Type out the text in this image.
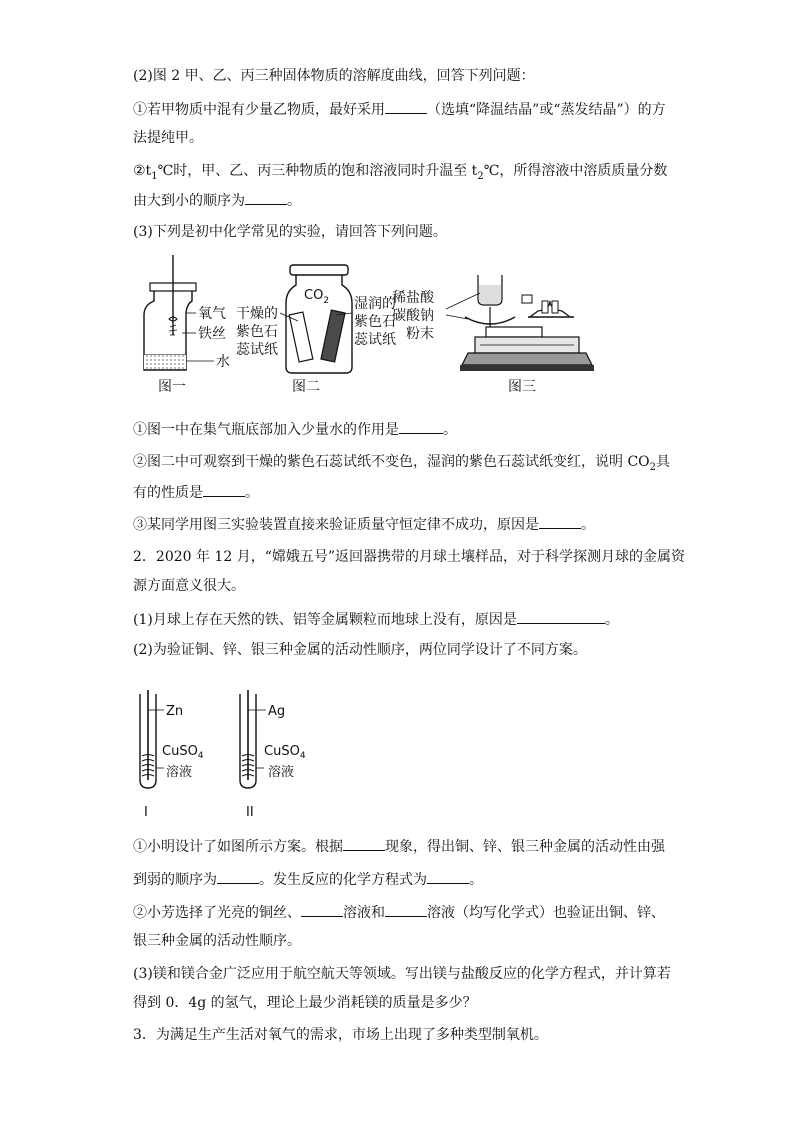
(2)图 2 甲、乙、丙三种固体物质的溶解度曲线，回答下列问题：
①若甲物质中混有少量乙物质，最好采用	（选填“降温结晶”或“蒸发结晶”）的方
法提纯甲。
$②t_1℃$时，甲、乙、丙三种物质的饱和溶液同时升温至 $t_2℃$，所得溶液中溶质质量分数
由大到小的顺序为	。
(3)下列是初中化学常见的实验，请回答下列问题。
氧气
铁丝
水
图一
$CO_2$
干燥的
紫色石
蕊试纸
湿润的
紫色石
蕊试纸
图二
稀盐酸
碳酸钠
粉末
图三
①图一中在集气瓶底部加入少量水的作用是	。
②图二中可观察到干燥的紫色石蕊试纸不变色，湿润的紫色石蕊试纸变红，说明 $CO_2$具
有的性质是	。
③某同学用图三实验装置直接来验证质量守恒定律不成功，原因是	。
2．2020 年 12 月，“嫦娥五号”返回器携带的月球土壤样品，对于科学探测月球的金属资
源方面意义很大。
(1)月球上存在天然的铁、铝等金属颗粒而地球上没有，原因是	。
(2)为验证铜、锌、银三种金属的活动性顺序，两位同学设计了不同方案。
Zn
CuSO$_4$
溶液
I
Ag
CuSO$_4$
溶液
II
①小明设计了如图所示方案。根据	现象，得出铜、锌、银三种金属的活动性由强
到弱的顺序为	。发生反应的化学方程式为	。
②小芳选择了光亮的铜丝、	溶液和	溶液（均写化学式）也验证出铜、锌、
银三种金属的活动性顺序。
(3)镁和镁合金广泛应用于航空航天等领域。写出镁与盐酸反应的化学方程式，并计算若
得到 0．4g 的氢气，理论上最少消耗镁的质量是多少？
3．为满足生产生活对氧气的需求，市场上出现了多种类型制氧机。
